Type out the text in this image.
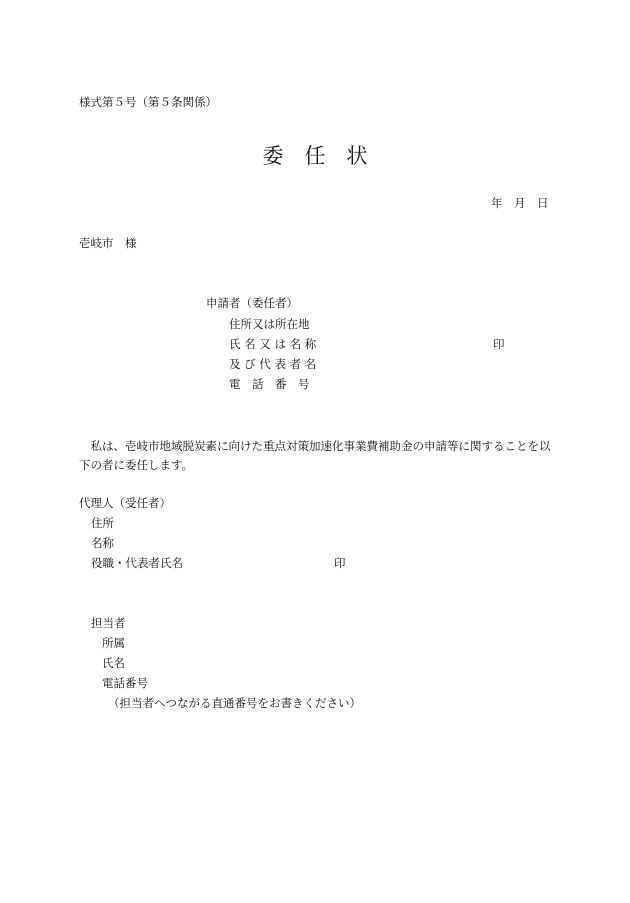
様式第５号（第５条関係）
委　任　状
年　月　日
壱岐市　様
申請者（委任者）
住所又は所在地
氏 名 又 は 名 称	印
及 び 代 表 者 名
電　話　番　号
私は、壱岐市地域脱炭素に向けた重点対策加速化事業費補助金の申請等に関することを以下の者に委任します。
代理人（受任者）
住所
名称
役職・代表者氏名	印
担当者
所属
氏名
電話番号
（担当者へつながる直通番号をお書きください）
